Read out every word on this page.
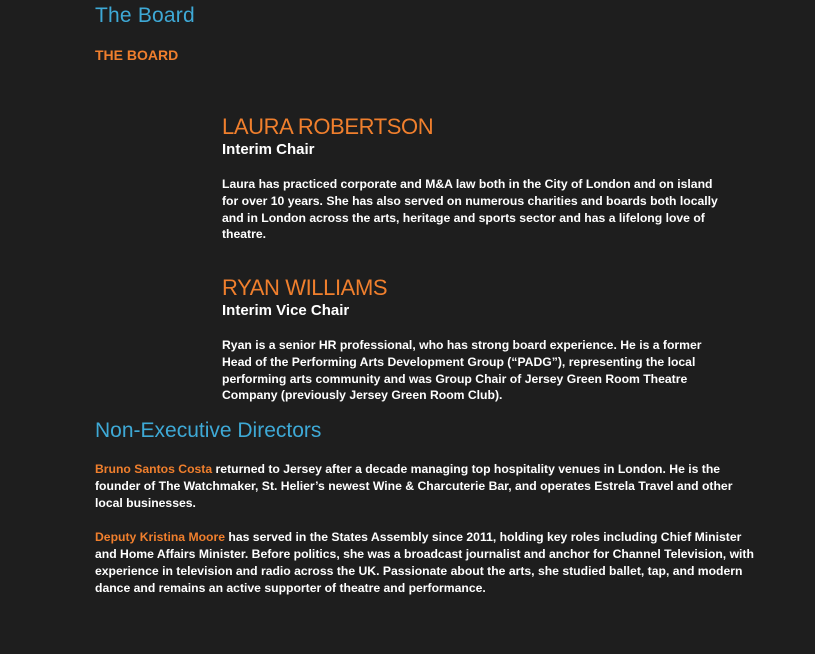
The Board
THE BOARD
LAURA ROBERTSON
Interim Chair

Laura has practiced corporate and M&A law both in the City of London and on island for over 10 years. She has also served on numerous charities and boards both locally and in London across the arts, heritage and sports sector and has a lifelong love of theatre.

RYAN WILLIAMS
Interim Vice Chair

Ryan is a senior HR professional, who has strong board experience. He is a former Head of the Performing Arts Development Group (“PADG”), representing the local performing arts community and was Group Chair of Jersey Green Room Theatre Company (previously Jersey Green Room Club).

Non-Executive Directors

Bruno Santos Costa returned to Jersey after a decade managing top hospitality venues in London. He is the founder of The Watchmaker, St. Helier’s newest Wine & Charcuterie Bar, and operates Estrela Travel and other local businesses.

Deputy Kristina Moore has served in the States Assembly since 2011, holding key roles including Chief Minister and Home Affairs Minister. Before politics, she was a broadcast journalist and anchor for Channel Television, with experience in television and radio across the UK. Passionate about the arts, she studied ballet, tap, and modern dance and remains an active supporter of theatre and performance.
